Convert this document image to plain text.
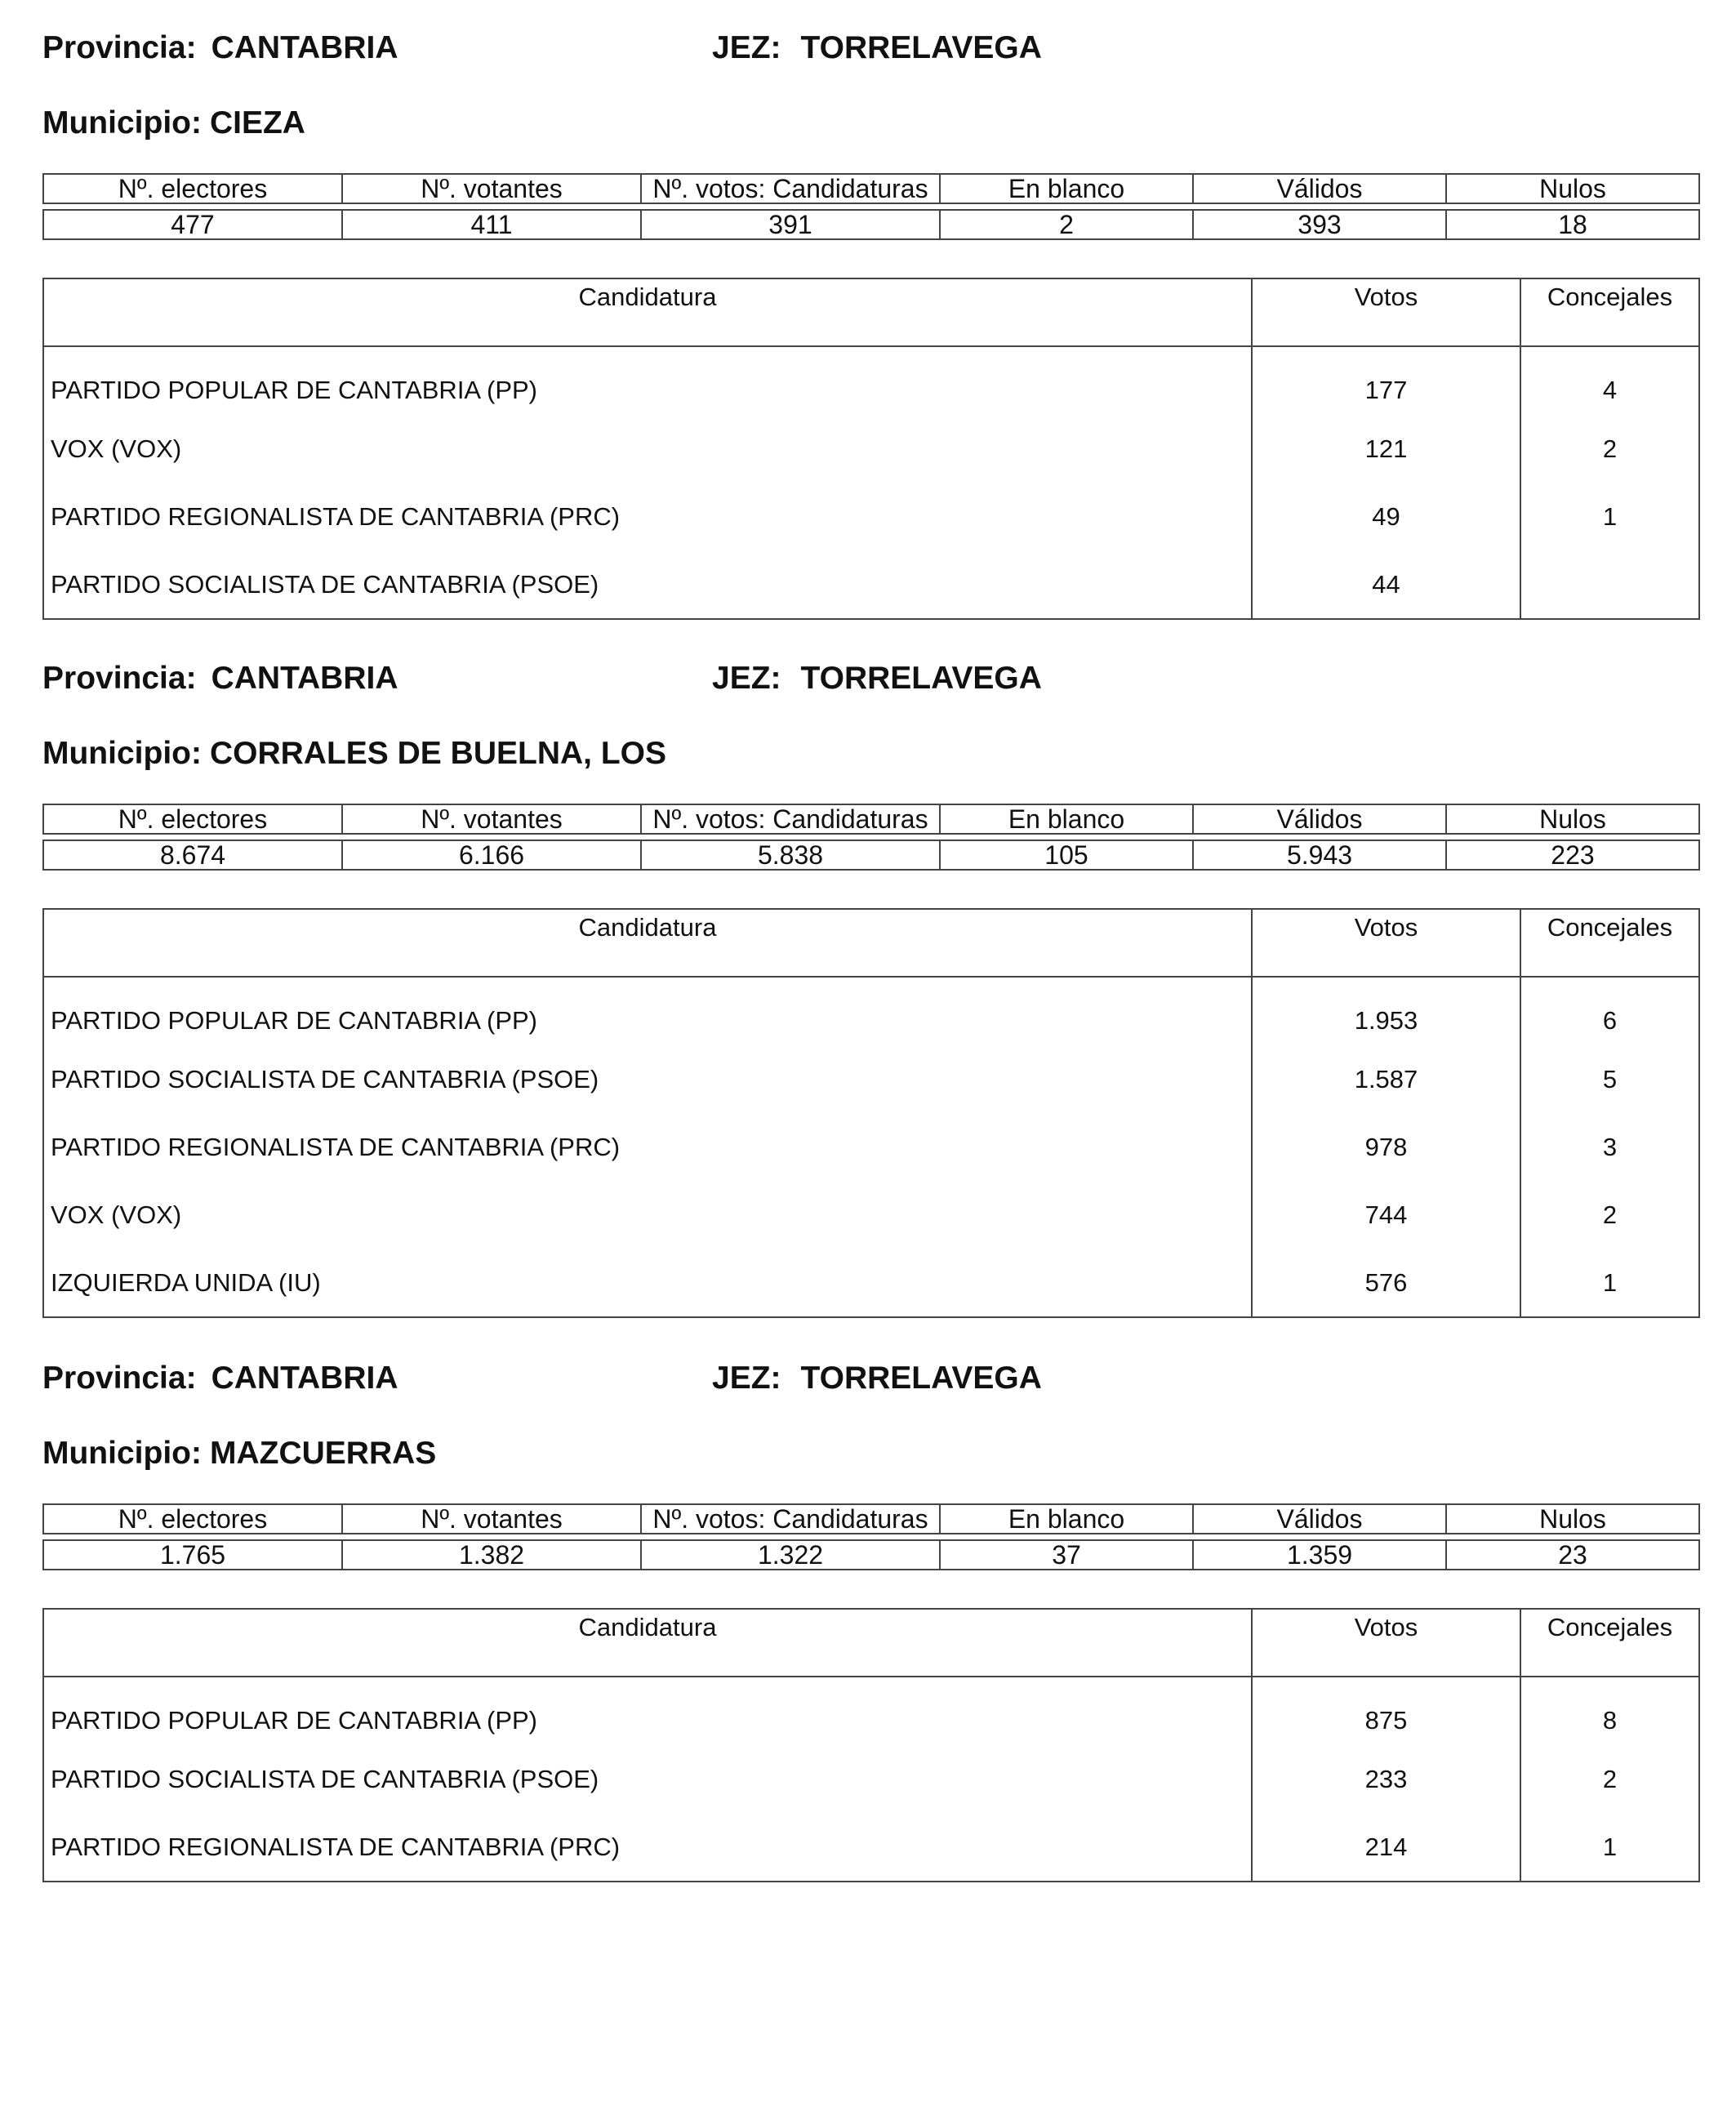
Provincia: CANTABRIA	JEZ: TORRELAVEGA
Municipio: CIEZA
Nº. electores	Nº. votantes	Nº. votos: Candidaturas	En blanco	Válidos	Nulos

477	411	391	2	393	18
Candidatura	Votos	Concejales
PARTIDO POPULAR DE CANTABRIA (PP)	177	4
VOX (VOX)	121	2
PARTIDO REGIONALISTA DE CANTABRIA (PRC)	49	1
PARTIDO SOCIALISTA DE CANTABRIA (PSOE)	44	
Provincia: CANTABRIA	JEZ: TORRELAVEGA
Municipio: CORRALES DE BUELNA, LOS
Nº. electores	Nº. votantes	Nº. votos: Candidaturas	En blanco	Válidos	Nulos

8.674	6.166	5.838	105	5.943	223
Candidatura	Votos	Concejales
PARTIDO POPULAR DE CANTABRIA (PP)	1.953	6
PARTIDO SOCIALISTA DE CANTABRIA (PSOE)	1.587	5
PARTIDO REGIONALISTA DE CANTABRIA (PRC)	978	3
VOX (VOX)	744	2
IZQUIERDA UNIDA (IU)	576	1
Provincia: CANTABRIA	JEZ: TORRELAVEGA
Municipio: MAZCUERRAS
Nº. electores	Nº. votantes	Nº. votos: Candidaturas	En blanco	Válidos	Nulos

1.765	1.382	1.322	37	1.359	23
Candidatura	Votos	Concejales
PARTIDO POPULAR DE CANTABRIA (PP)	875	8
PARTIDO SOCIALISTA DE CANTABRIA (PSOE)	233	2
PARTIDO REGIONALISTA DE CANTABRIA (PRC)	214	1
